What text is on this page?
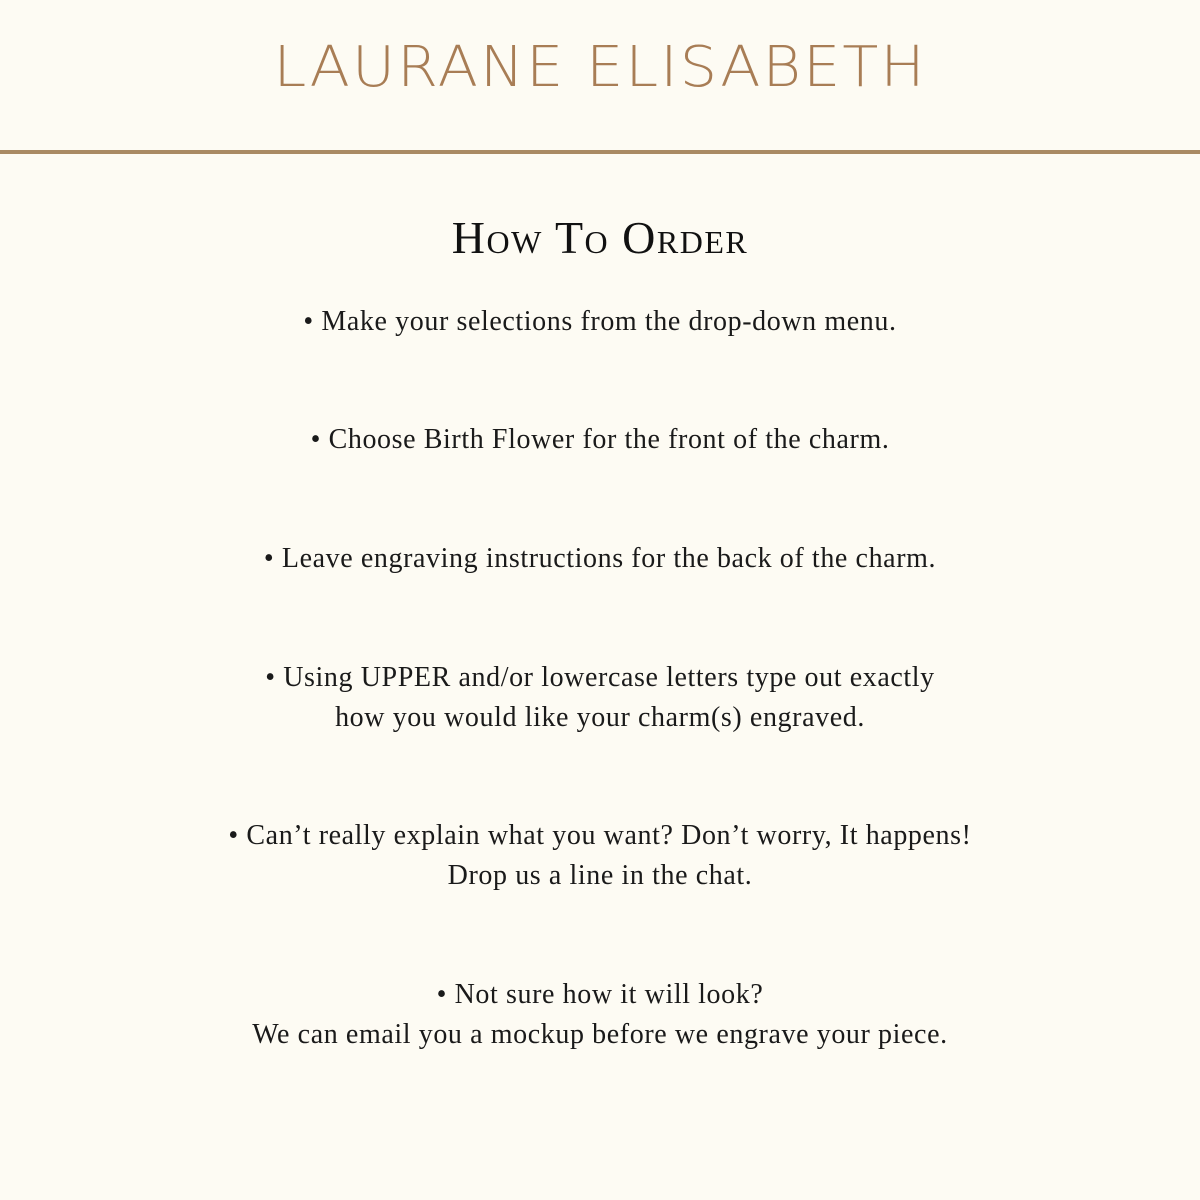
LAURANE ELISABETH
How To Order
• Make your selections from the drop-down menu.
• Choose Birth Flower for the front of the charm.
• Leave engraving instructions for the back of the charm.
• Using UPPER and/or lowercase letters type out exactly
how you would like your charm(s) engraved.
• Can’t really explain what you want? Don’t worry, It happens!
Drop us a line in the chat.
• Not sure how it will look?
We can email you a mockup before we engrave your piece.
